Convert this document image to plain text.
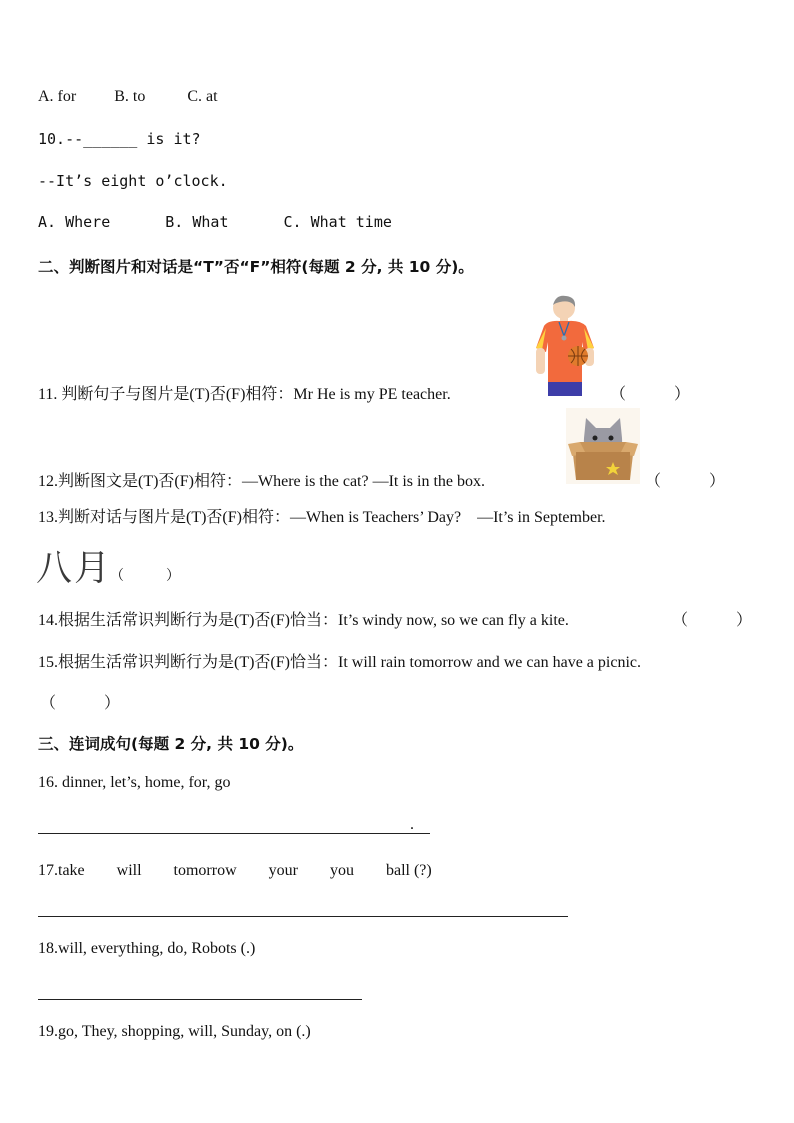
A. for B. to	C. at
10.--______ is it?
--It’s eight o’clock.
A. Where	B. What	C. What time
二、判断图片和对话是“T”否“F”相符(每题 2 分, 共 10 分)。
11. 判断句子与图片是(T)否(F)相符：Mr He is my PE teacher.	（　　　）
12.判断图文是(T)否(F)相符：—Where is the cat? —It is in the box.	（　　　）
13.判断对话与图片是(T)否(F)相符：—When is Teachers’ Day?　—It’s in September.
八月
（　　　）
14.根据生活常识判断行为是(T)否(F)恰当：It’s windy now, so we can fly a kite.	（　　　）
15.根据生活常识判断行为是(T)否(F)恰当：It will rain tomorrow and we can have a picnic.
（　　　）
三、连词成句(每题 2 分, 共 10 分)。
16. dinner, let’s, home, for, go
.
17.take　　will　　tomorrow　　your　　you　　ball (?)
18.will, everything, do, Robots (.)
19.go, They, shopping, will, Sunday, on (.)
